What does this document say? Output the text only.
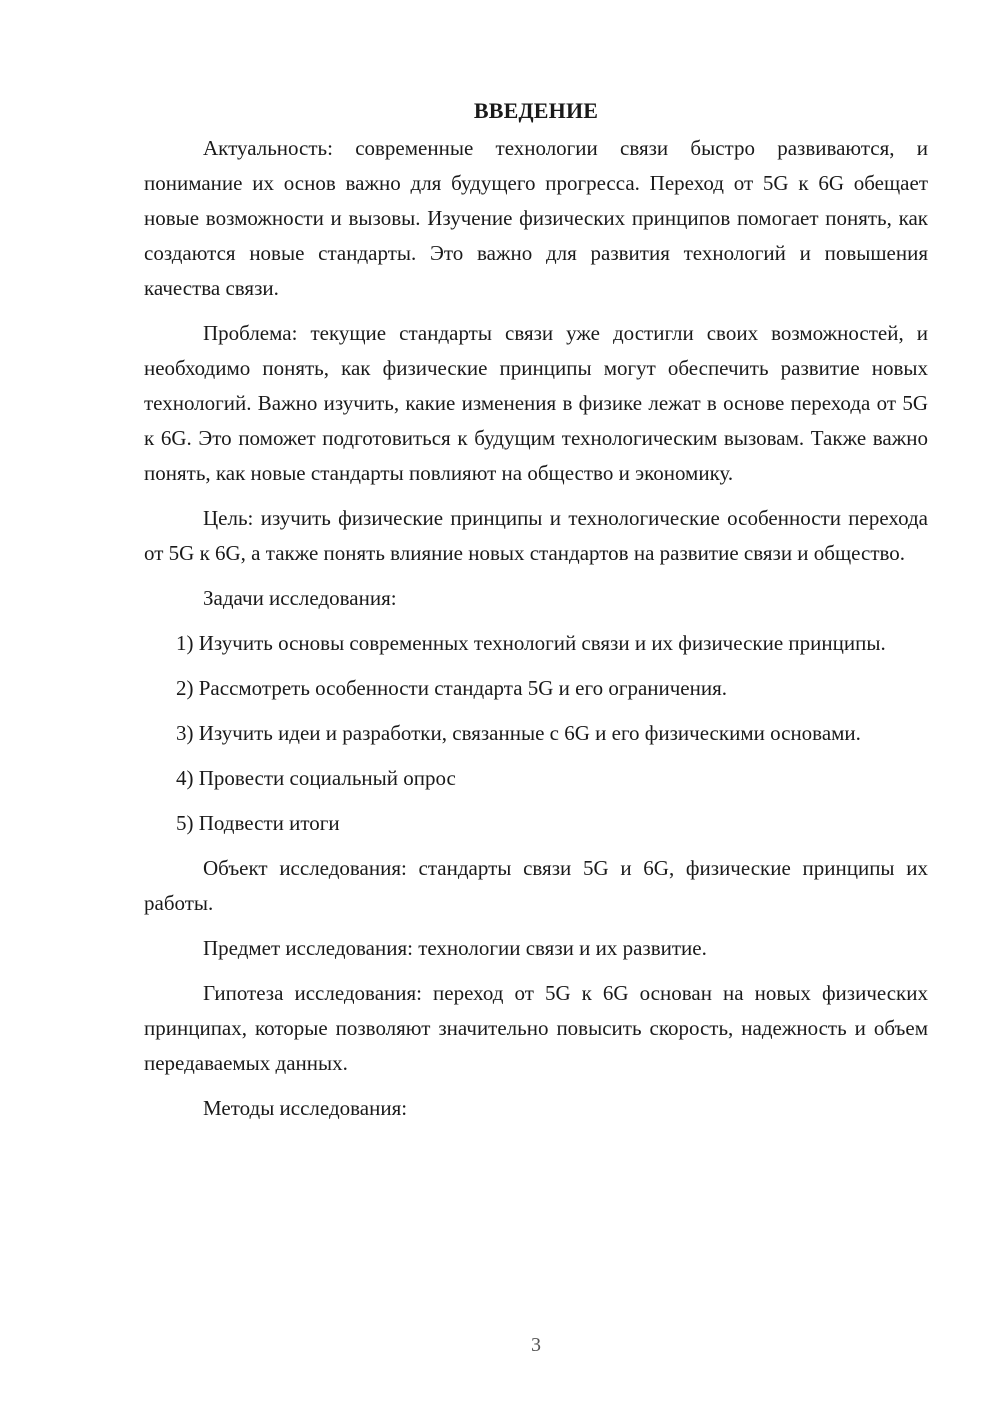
ВВЕДЕНИЕ

Актуальность: современные технологии связи быстро развиваются, и понимание их основ важно для будущего прогресса. Переход от 5G к 6G обещает новые возможности и вызовы. Изучение физических принципов помогает понять, как создаются новые стандарты. Это важно для развития технологий и повышения качества связи.

Проблема: текущие стандарты связи уже достигли своих возможностей, и необходимо понять, как физические принципы могут обеспечить развитие новых технологий. Важно изучить, какие изменения в физике лежат в основе перехода от 5G к 6G. Это поможет подготовиться к будущим технологическим вызовам. Также важно понять, как новые стандарты повлияют на общество и экономику.

Цель: изучить физические принципы и технологические особенности перехода от 5G к 6G, а также понять влияние новых стандартов на развитие связи и общество.

Задачи исследования:

1) Изучить основы современных технологий связи и их физические принципы.

2) Рассмотреть особенности стандарта 5G и его ограничения.

3) Изучить идеи и разработки, связанные с 6G и его физическими основами.

4) Провести социальный опрос

5) Подвести итоги

Объект исследования: стандарты связи 5G и 6G, физические принципы их работы.

Предмет исследования: технологии связи и их развитие.

Гипотеза исследования: переход от 5G к 6G основан на новых физических принципах, которые позволяют значительно повысить скорость, надежность и объем передаваемых данных.

Методы исследования:

3
